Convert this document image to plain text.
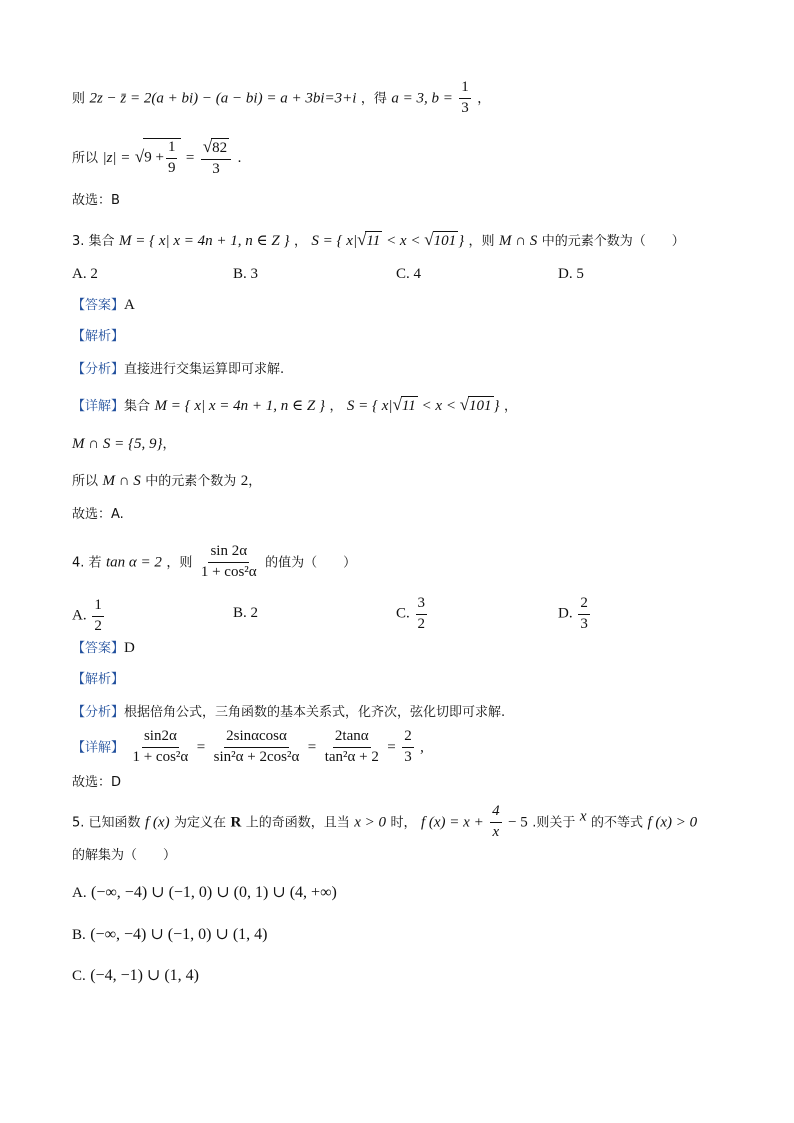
则 2z − z̄ = 2(a + bi) − (a − bi) = a + 3bi=3+i ，得 a = 3, $b = \frac{1}{3}$ ，
所以 $|z| = √9 + \frac{1}{9} = \frac{√82}{3}$ .
故选：B
3. 集合 M = { x| x = 4n + 1, n ∈ Z } ， S = { x|√11 < x < √101 } ，则 M ∩ S 中的元素个数为（　　）
A. 2	B. 3	C. 4	D. 5
【答案】A
【解析】
【分析】直接进行交集运算即可求解.
【详解】集合 M = { x| x = 4n + 1, n ∈ Z } ， S = { x|√11 < x < √101 } ，
M ∩ S = {5, 9}，
所以 M ∩ S 中的元素个数为 2，
故选：A.
4. 若 tan α = 2 ，则 $\frac{\sin 2\alpha}{\text{1 + cos²α}}$ 的值为（　　）
A. $\frac{1}{2}$	B. 2	C. $\frac{3}{2}$	D. $\frac{2}{3}$
【答案】D
【解析】
【分析】根据倍角公式，三角函数的基本关系式，化齐次，弦化切即可求解.
【详解】 $\frac{\sin 2\alpha}{\text{1 + cos²α}} = \frac{2\sin\alpha\cos\alpha}{\text{sin²α + 2cos²α}} = \frac{2\tan\alpha}{\text{tan²α + 2}} = \frac{2}{3}$ ,
故选：D
5. 已知函数 f (x) 为定义在 R 上的奇函数，且当 x > 0 时， f $(x) = x + \frac{4}{x} - 5$ .则关于 $^x$ 的不等式 f (x) > 0
的解集为（　　）
A. (−∞, −4) ∪ (−1, 0) ∪ (0, 1) ∪ (4, +∞)
B. (−∞, −4) ∪ (−1, 0) ∪ (1, 4)
C. (−4, −1) ∪ (1, 4)
